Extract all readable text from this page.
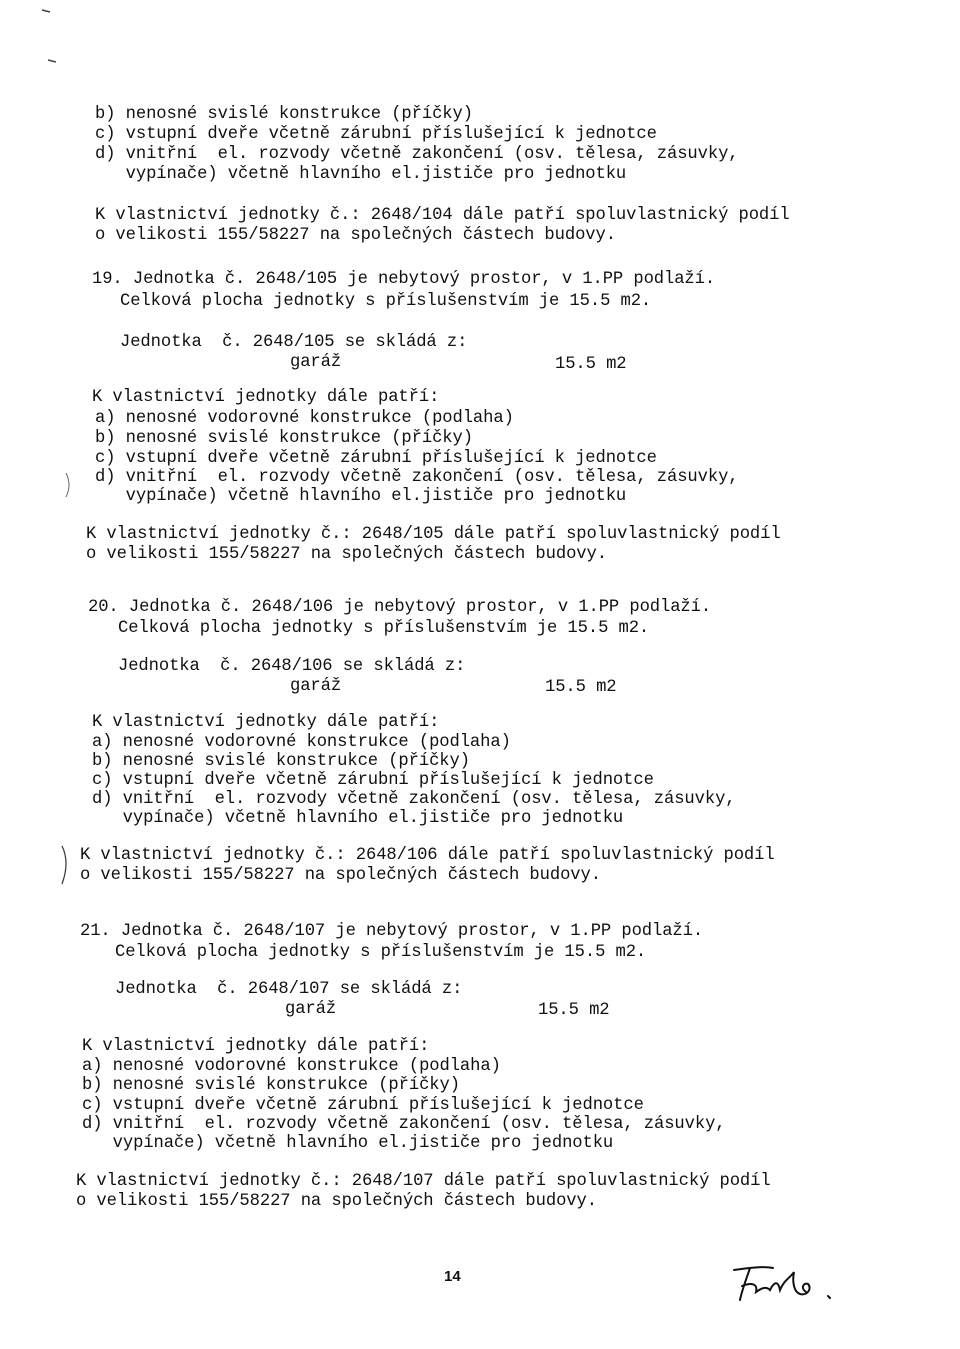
b) nenosné svislé konstrukce (příčky)
c) vstupní dveře včetně zárubní příslušející k jednotce
d) vnitřní  el. rozvody včetně zakončení (osv. tělesa, zásuvky,
vypínače) včetně hlavního el.jističe pro jednotku
K vlastnictví jednotky č.: 2648/104 dále patří spoluvlastnický podíl
o velikosti 155/58227 na společných částech budovy.
19. Jednotka č. 2648/105 je nebytový prostor, v 1.PP podlaží.
Celková plocha jednotky s příslušenstvím je 15.5 m2.
Jednotka  č. 2648/105 se skládá z:
garáž	15.5 m2
K vlastnictví jednotky dále patří:
a) nenosné vodorovné konstrukce (podlaha)
b) nenosné svislé konstrukce (příčky)
c) vstupní dveře včetně zárubní příslušející k jednotce
d) vnitřní  el. rozvody včetně zakončení (osv. tělesa, zásuvky,
vypínače) včetně hlavního el.jističe pro jednotku
K vlastnictví jednotky č.: 2648/105 dále patří spoluvlastnický podíl
o velikosti 155/58227 na společných částech budovy.
20. Jednotka č. 2648/106 je nebytový prostor, v 1.PP podlaží.
Celková plocha jednotky s příslušenstvím je 15.5 m2.
Jednotka  č. 2648/106 se skládá z:
garáž	15.5 m2
K vlastnictví jednotky dále patří:
a) nenosné vodorovné konstrukce (podlaha)
b) nenosné svislé konstrukce (příčky)
c) vstupní dveře včetně zárubní příslušející k jednotce
d) vnitřní  el. rozvody včetně zakončení (osv. tělesa, zásuvky,
vypínače) včetně hlavního el.jističe pro jednotku
K vlastnictví jednotky č.: 2648/106 dále patří spoluvlastnický podíl
o velikosti 155/58227 na společných částech budovy.
21. Jednotka č. 2648/107 je nebytový prostor, v 1.PP podlaží.
Celková plocha jednotky s příslušenstvím je 15.5 m2.
Jednotka  č. 2648/107 se skládá z:
garáž	15.5 m2
K vlastnictví jednotky dále patří:
a) nenosné vodorovné konstrukce (podlaha)
b) nenosné svislé konstrukce (příčky)
c) vstupní dveře včetně zárubní příslušející k jednotce
d) vnitřní  el. rozvody včetně zakončení (osv. tělesa, zásuvky,
vypínače) včetně hlavního el.jističe pro jednotku
K vlastnictví jednotky č.: 2648/107 dále patří spoluvlastnický podíl
o velikosti 155/58227 na společných částech budovy.
14
